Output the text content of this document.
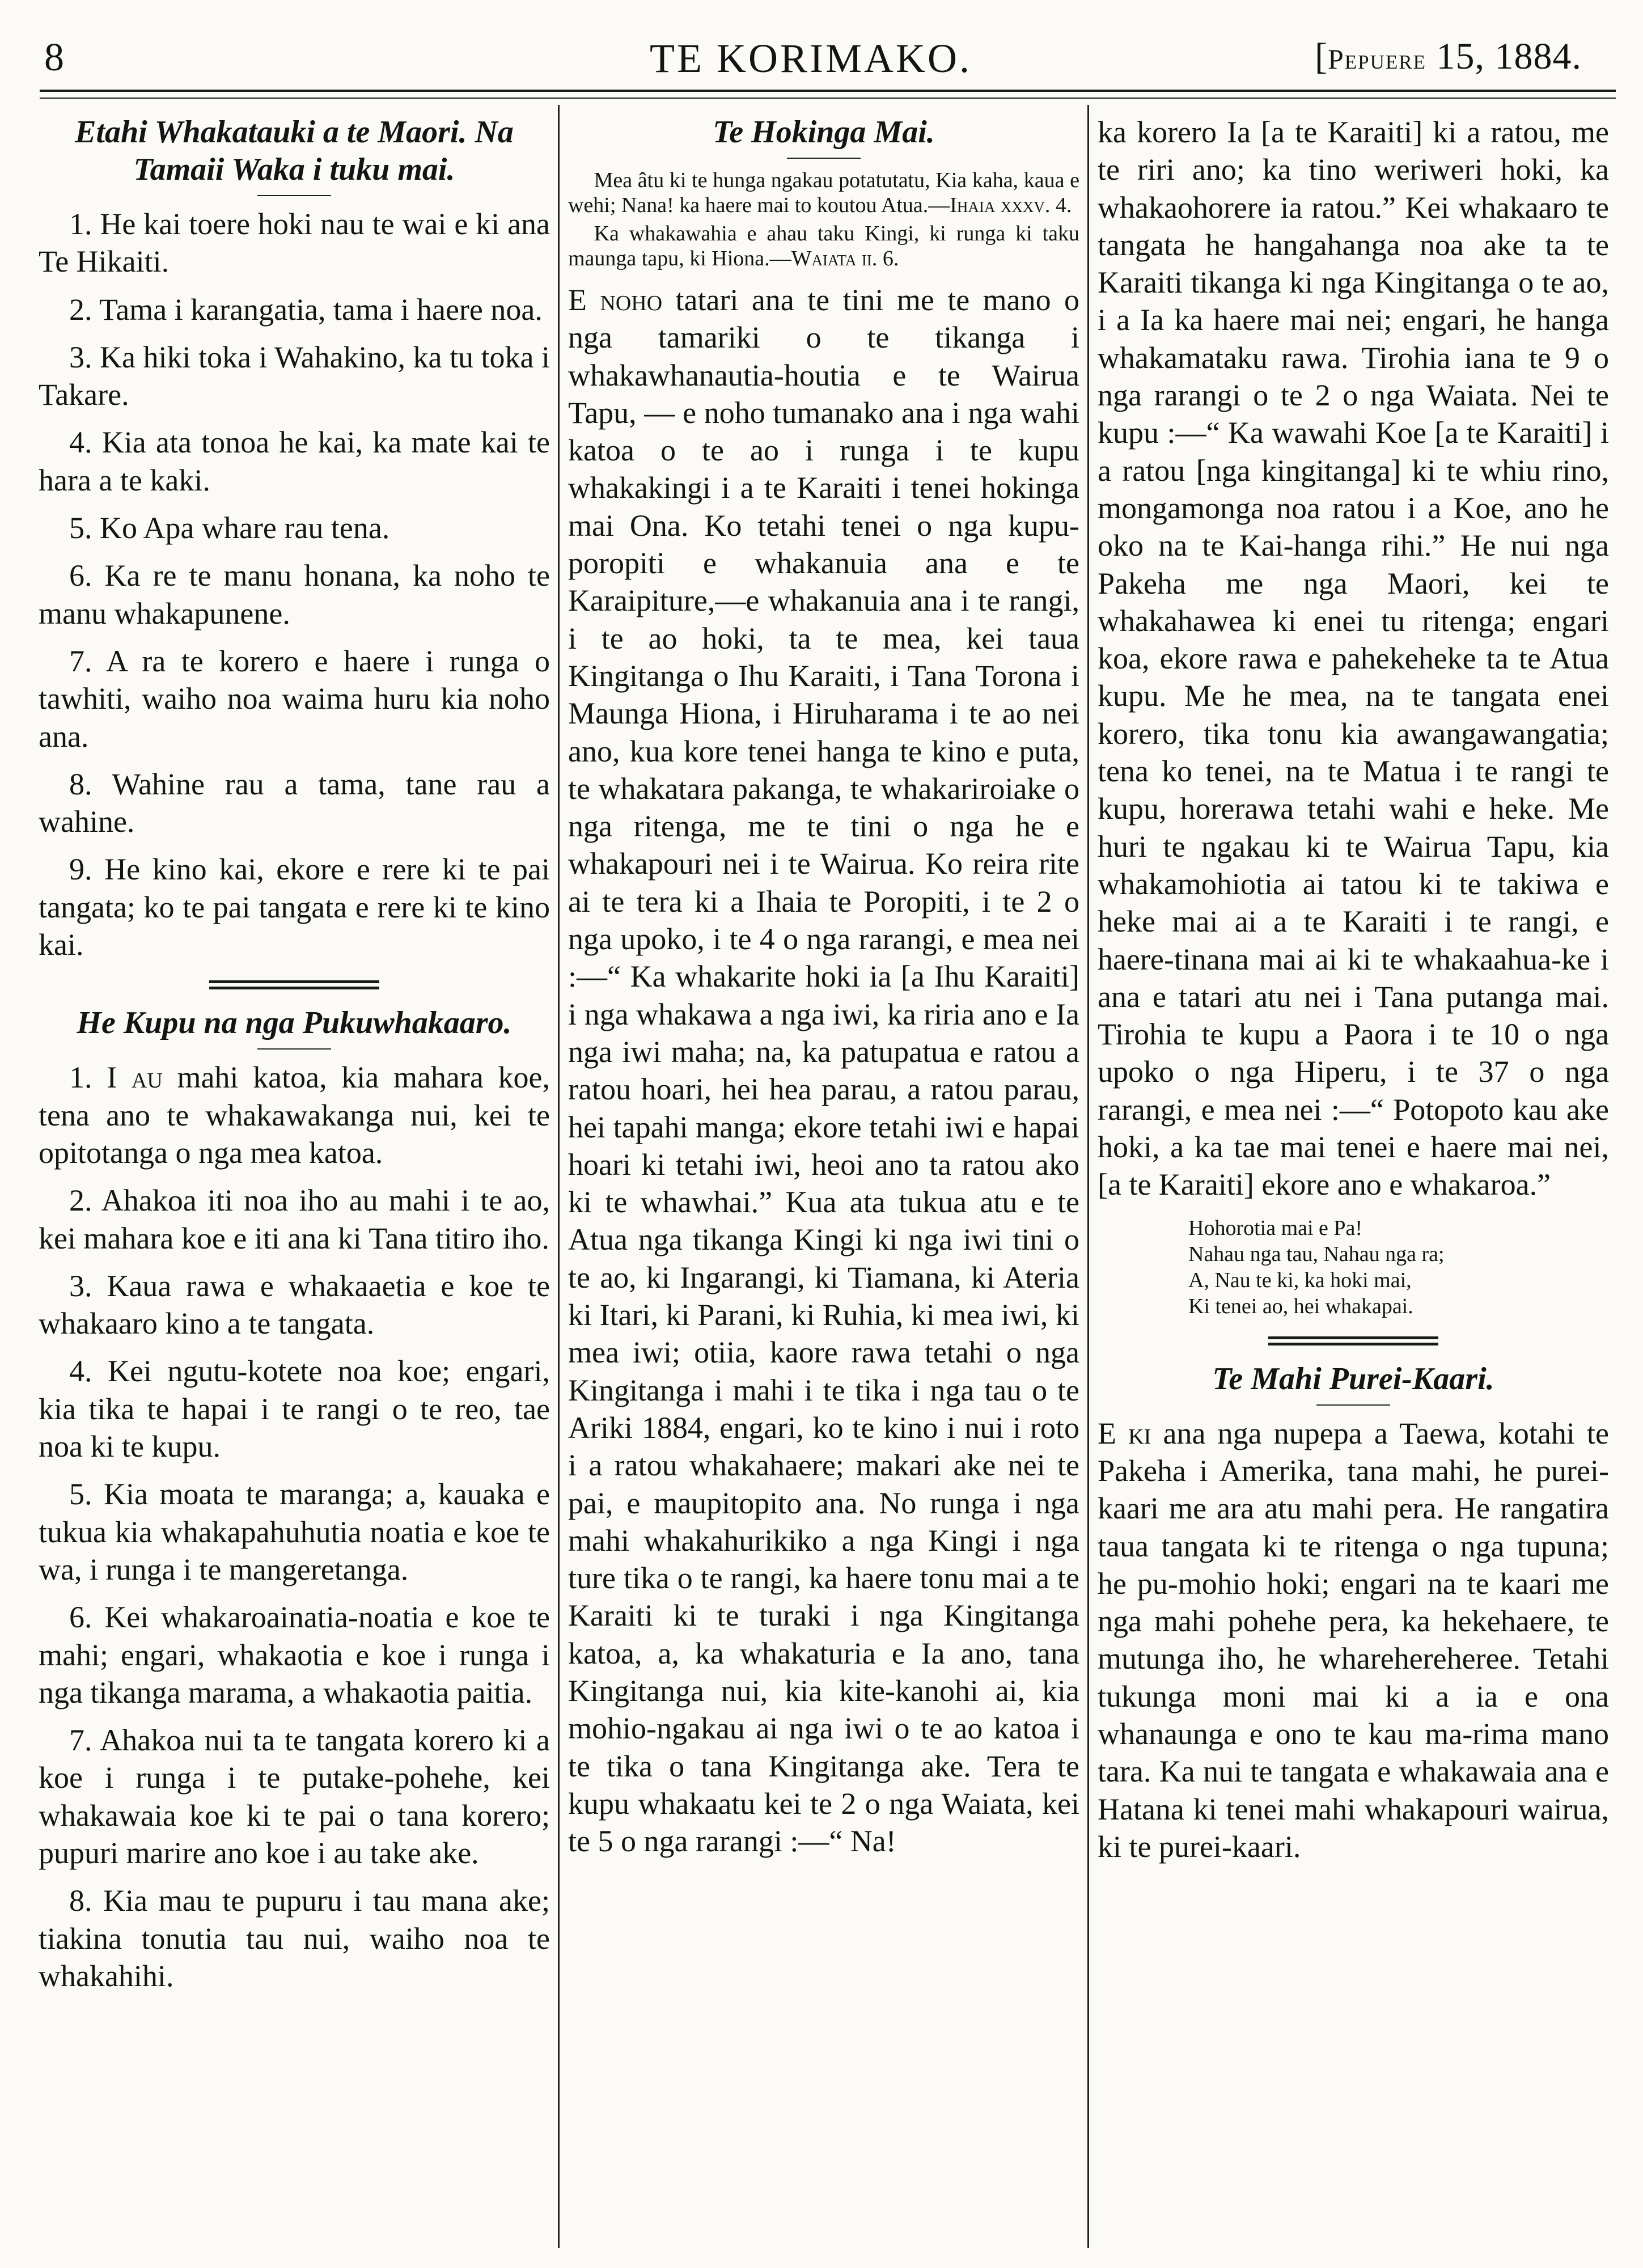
8	TE KORIMAKO.	[Pepuere 15, 1884.
Etahi Whakatauki a te Maori. Na Tamaii Waka i tuku mai.

1. He kai toere hoki nau te wai e ki ana Te Hikaiti.

2. Tama i karangatia, tama i haere noa.

3. Ka hiki toka i Wahakino, ka tu toka i Takare.

4. Kia ata tonoa he kai, ka mate kai te hara a te kaki.

5. Ko Apa whare rau tena.

6. Ka re te manu honana, ka noho te manu whakapunene.

7. A ra te korero e haere i runga o tawhiti, waiho noa waima huru kia noho ana.

8. Wahine rau a tama, tane rau a wahine.

9. He kino kai, ekore e rere ki te pai tangata; ko te pai tangata e rere ki te kino kai.

He Kupu na nga Pukuwhakaaro.

1. I au mahi katoa, kia mahara koe, tena ano te whakawakanga nui, kei te opitotanga o nga mea katoa.

2. Ahakoa iti noa iho au mahi i te ao, kei mahara koe e iti ana ki Tana titiro iho.

3. Kaua rawa e whakaaetia e koe te whakaaro kino a te tangata.

4. Kei ngutu-kotete noa koe; engari, kia tika te hapai i te rangi o te reo, tae noa ki te kupu.

5. Kia moata te maranga; a, kauaka e tukua kia whakapahuhutia noatia e koe te wa, i runga i te mangeretanga.

6. Kei whakaroainatia-noatia e koe te mahi; engari, whakaotia e koe i runga i nga tikanga marama, a whakaotia paitia.

7. Ahakoa nui ta te tangata korero ki a koe i runga i te putake-pohehe, kei whakawaia koe ki te pai o tana korero; pupuri marire ano koe i au take ake.

8. Kia mau te pupuru i tau mana ake; tiakina tonutia tau nui, waiho noa te whakahihi.

Te Hokinga Mai.

Mea âtu ki te hunga ngakau potatutatu, Kia kaha, kaua e wehi; Nana! ka haere mai to koutou Atua.—Ihaia xxxv. 4.

Ka whakawahia e ahau taku Kingi, ki runga ki taku maunga tapu, ki Hiona.—Waiata ii. 6.

E noho tatari ana te tini me te mano o nga tamariki o te tikanga i whakawhanautia-houtia e te Wairua Tapu, — e noho tumanako ana i nga wahi katoa o te ao i runga i te kupu whakakingi i a te Karaiti i tenei hokinga mai Ona. Ko tetahi tenei o nga kupu-poropiti e whakanuia ana e te Karaipiture,—e whakanuia ana i te rangi, i te ao hoki, ta te mea, kei taua Kingitanga o Ihu Karaiti, i Tana Torona i Maunga Hiona, i Hiruharama i te ao nei ano, kua kore tenei hanga te kino e puta, te whakatara pakanga, te whakariroiake o nga ritenga, me te tini o nga he e whakapouri nei i te Wairua. Ko reira rite ai te tera ki a Ihaia te Poropiti, i te 2 o nga upoko, i te 4 o nga rarangi, e mea nei :—“ Ka whakarite hoki ia [a Ihu Karaiti] i nga whakawa a nga iwi, ka riria ano e Ia nga iwi maha; na, ka patupatua e ratou a ratou hoari, hei hea parau, a ratou parau, hei tapahi manga; ekore tetahi iwi e hapai hoari ki tetahi iwi, heoi ano ta ratou ako ki te whawhai.” Kua ata tukua atu e te Atua nga tikanga Kingi ki nga iwi tini o te ao, ki Ingarangi, ki Tiamana, ki Ateria ki Itari, ki Parani, ki Ruhia, ki mea iwi, ki mea iwi; otiia, kaore rawa tetahi o nga Kingitanga i mahi i te tika i nga tau o te Ariki 1884, engari, ko te kino i nui i roto i a ratou whakahaere; makari ake nei te pai, e maupitopito ana. No runga i nga mahi whakahurikiko a nga Kingi i nga ture tika o te rangi, ka haere tonu mai a te Karaiti ki te turaki i nga Kingitanga katoa, a, ka whakaturia e Ia ano, tana Kingitanga nui, kia kite-kanohi ai, kia mohio-ngakau ai nga iwi o te ao katoa i te tika o tana Kingitanga ake. Tera te kupu whakaatu kei te 2 o nga Waiata, kei te 5 o nga rarangi :—“ Na!

ka korero Ia [a te Karaiti] ki a ratou, me te riri ano; ka tino weriweri hoki, ka whakaohorere ia ratou.” Kei whakaaro te tangata he hangahanga noa ake ta te Karaiti tikanga ki nga Kingitanga o te ao, i a Ia ka haere mai nei; engari, he hanga whakamataku rawa. Tirohia iana te 9 o nga rarangi o te 2 o nga Waiata. Nei te kupu :—“ Ka wawahi Koe [a te Karaiti] i a ratou [nga kingitanga] ki te whiu rino, mongamonga noa ratou i a Koe, ano he oko na te Kai-hanga rihi.” He nui nga Pakeha me nga Maori, kei te whakahawea ki enei tu ritenga; engari koa, ekore rawa e pahekeheke ta te Atua kupu. Me he mea, na te tangata enei korero, tika tonu kia awangawangatia; tena ko tenei, na te Matua i te rangi te kupu, horerawa tetahi wahi e heke. Me huri te ngakau ki te Wairua Tapu, kia whakamohiotia ai tatou ki te takiwa e heke mai ai a te Karaiti i te rangi, e haere-tinana mai ai ki te whakaahua-ke i ana e tatari atu nei i Tana putanga mai. Tirohia te kupu a Paora i te 10 o nga upoko o nga Hiperu, i te 37 o nga rarangi, e mea nei :—“ Potopoto kau ake hoki, a ka tae mai tenei e haere mai nei, [a te Karaiti] ekore ano e whakaroa.”

Hohorotia mai e Pa!
Nahau nga tau, Nahau nga ra;
A, Nau te ki, ka hoki mai,
Ki tenei ao, hei whakapai.
Te Mahi Purei-Kaari.

E ki ana nga nupepa a Taewa, kotahi te Pakeha i Amerika, tana mahi, he purei-kaari me ara atu mahi pera. He rangatira taua tangata ki te ritenga o nga tupuna; he pu-mohio hoki; engari na te kaari me nga mahi pohehe pera, ka hekehaere, te mutunga iho, he wharehereheree. Tetahi tukunga moni mai ki a ia e ona whanaunga e ono te kau ma-rima mano tara. Ka nui te tangata e whakawaia ana e Hatana ki tenei mahi whakapouri wairua, ki te purei-kaari.
